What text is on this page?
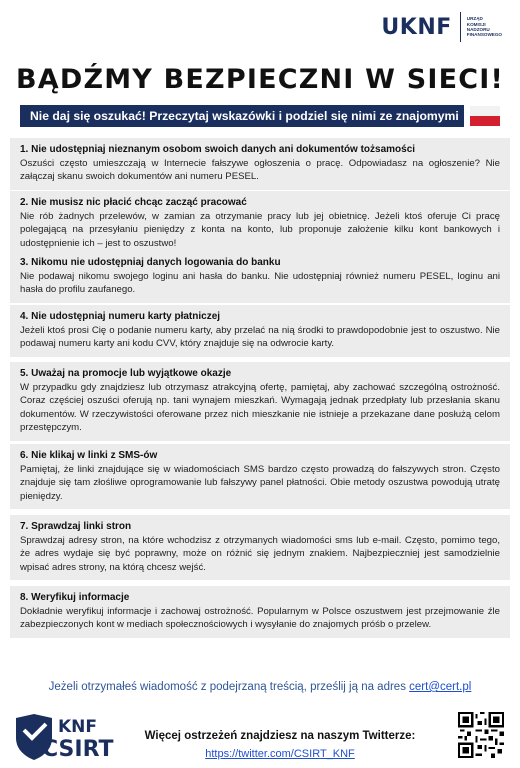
UKNF	URZĄD
KOMISJI
NADZORU
FINANSOWEGO
BĄDŹMY BEZPIECZNI W SIECI!
Nie daj się oszukać! Przeczytaj wskazówki i podziel się nimi ze znajomymi
1. Nie udostępniaj nieznanym osobom swoich danych ani dokumentów tożsamości
Oszuści często umieszczają w Internecie fałszywe ogłoszenia o pracę. Odpowiadasz na ogłoszenie? Nie załączaj skanu swoich dokumentów ani numeru PESEL.
2. Nie musisz nic płacić chcąc zacząć pracować
Nie rób żadnych przelewów, w zamian za otrzymanie pracy lub jej obietnicę. Jeżeli ktoś oferuje Ci pracę polegającą na przesyłaniu pieniędzy z konta na konto, lub proponuje założenie kilku kont bankowych i udostępnienie ich – jest to oszustwo!
3. Nikomu nie udostępniaj danych logowania do banku
Nie podawaj nikomu swojego loginu ani hasła do banku. Nie udostępniaj również numeru PESEL, loginu ani hasła do profilu zaufanego.
4. Nie udostępniaj numeru karty płatniczej
Jeżeli ktoś prosi Cię o podanie numeru karty, aby przelać na nią środki to prawdopodobnie jest to oszustwo. Nie podawaj numeru karty ani kodu CVV, który znajduje się na odwrocie karty.
5. Uważaj na promocje lub wyjątkowe okazje
W przypadku gdy znajdziesz lub otrzymasz atrakcyjną ofertę, pamiętaj, aby zachować szczególną ostrożność. Coraz częściej oszuści oferują np. tani wynajem mieszkań. Wymagają jednak przedpłaty lub przesłania skanu dokumentów. W rzeczywistości oferowane przez nich mieszkanie nie istnieje a przekazane dane posłużą celom przestępczym.
6. Nie klikaj w linki z SMS-ów
Pamiętaj, że linki znajdujące się w wiadomościach SMS bardzo często prowadzą do fałszywych stron. Często znajduje się tam złośliwe oprogramowanie lub fałszywy panel płatności. Obie metody oszustwa powodują utratę pieniędzy.
7. Sprawdzaj linki stron
Sprawdzaj adresy stron, na które wchodzisz z otrzymanych wiadomości sms lub e-mail. Często, pomimo tego, że adres wydaje się być poprawny, może on różnić się jednym znakiem. Najbezpieczniej jest samodzielnie wpisać adres strony, na którą chcesz wejść.
8. Weryfikuj informacje
Dokładnie weryfikuj informacje i zachowaj ostrożność. Popularnym w Polsce oszustwem jest przejmowanie źle zabezpieczonych kont w mediach społecznościowych i wysyłanie do znajomych próśb o przelew.
Jeżeli otrzymałeś wiadomość z podejrzaną treścią, prześlij ją na adres cert@cert.pl
KNF
CSIRT
Więcej ostrzeżeń znajdziesz na naszym Twitterze:
https://twitter.com/CSIRT_KNF
